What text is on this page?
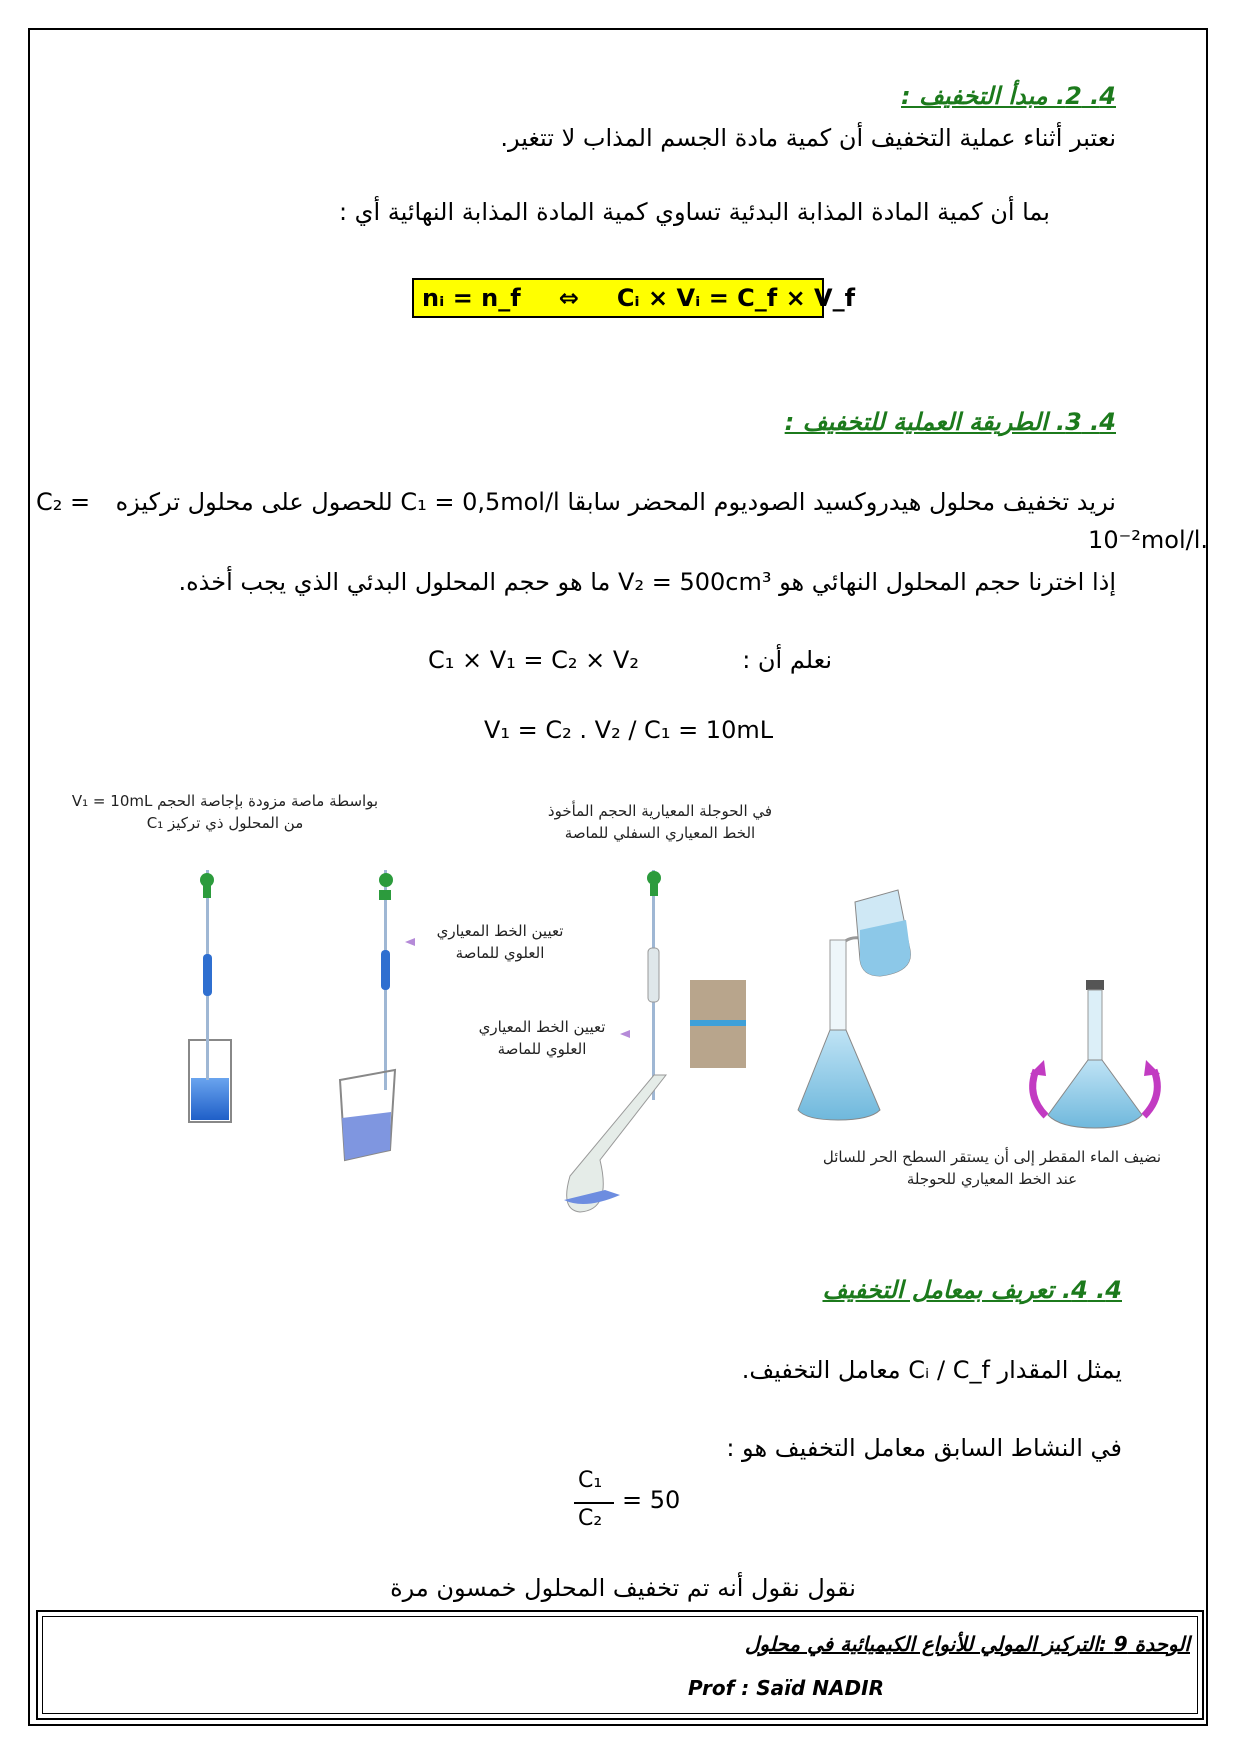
4. 2. مبدأ التخفيف :
نعتبر أثناء عملية التخفيف أن كمية مادة الجسم المذاب لا تتغير.
بما أن كمية المادة المذابة البدئية تساوي كمية المادة المذابة النهائية أي :
nᵢ = n_f ⇔ Cᵢ × Vᵢ = C_f × V_f
4. 3. الطريقة العملية للتخفيف :
نريد تخفيف محلول هيدروكسيد الصوديوم المحضر سابقا C₁ = 0,5mol/l للحصول على محلول تركيزه
C₂ =
.10⁻²mol/l
إذا اخترنا حجم المحلول النهائي هو V₂ = 500cm³ ما هو حجم المحلول البدئي الذي يجب أخذه.
نعلم أن :
C₁ × V₁ = C₂ × V₂
V₁ = C₂ . V₂ / C₁ = 10mL
بواسطة ماصة مزودة بإجاصة الحجم V₁ = 10mL
من المحلول ذي تركيز C₁
في الحوجلة المعيارية الحجم المأخوذ
الخط المعياري السفلي للماصة
تعيين الخط المعياري
العلوي للماصة
تعيين الخط المعياري
العلوي للماصة
نضيف الماء المقطر إلى أن يستقر السطح الحر للسائل
عند الخط المعياري للحوجلة
4. 4. تعريف بمعامل التخفيف
يمثل المقدار Cᵢ / C_f معامل التخفيف.
في النشاط السابق معامل التخفيف هو :
C₁
C₂
= 50
نقول نقول أنه تم تخفيف المحلول خمسون مرة
الوحدة 9 :التركيز المولي للأنواع الكيميائية في محلول
Prof : Saïd NADIR
